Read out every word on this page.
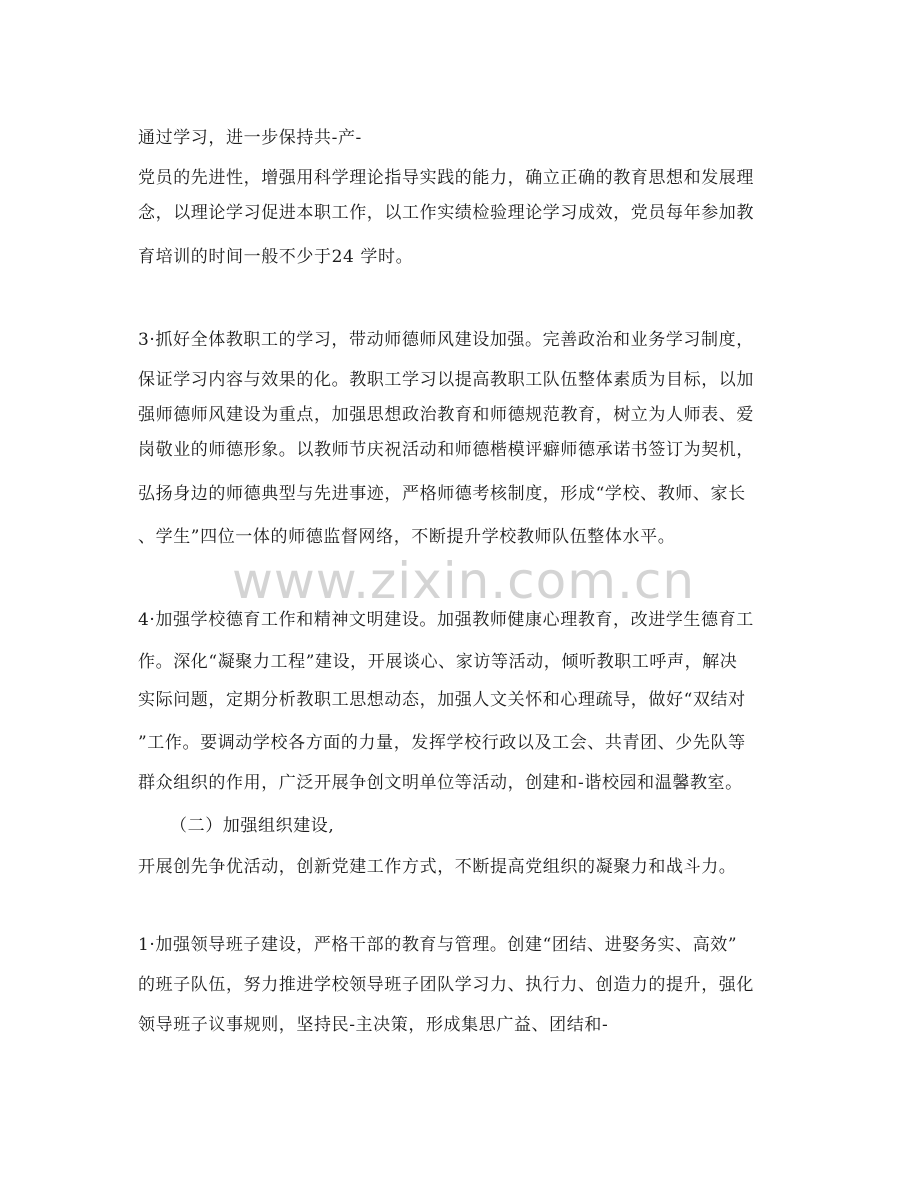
通过学习，进一步保持共-产-

党员的先进性，增强用科学理论指导实践的能力，确立正确的教育思想和发展理

念，以理论学习促进本职工作，以工作实绩检验理论学习成效，党员每年参加教

育培训的时间一般不少于24 学时。

3·抓好全体教职工的学习，带动师德师风建设加强。完善政治和业务学习制度，

保证学习内容与效果的化。教职工学习以提高教职工队伍整体素质为目标，以加

强师德师风建设为重点，加强思想政治教育和师德规范教育，树立为人师表、爱

岗敬业的师德形象。以教师节庆祝活动和师德楷模评癖师德承诺书签订为契机，

弘扬身边的师德典型与先进事迹，严格师德考核制度，形成“学校、教师、家长

、学生”四位一体的师德监督网络，不断提升学校教师队伍整体水平。

www.zixin.com.cn

4·加强学校德育工作和精神文明建设。加强教师健康心理教育，改进学生德育工

作。深化“凝聚力工程”建设，开展谈心、家访等活动，倾听教职工呼声，解决

实际问题，定期分析教职工思想动态，加强人文关怀和心理疏导，做好“双结对

”工作。要调动学校各方面的力量，发挥学校行政以及工会、共青团、少先队等

群众组织的作用，广泛开展争创文明单位等活动，创建和-谐校园和温馨教室。

（二）加强组织建设,

开展创先争优活动，创新党建工作方式，不断提高党组织的凝聚力和战斗力。

1·加强领导班子建设，严格干部的教育与管理。创建“团结、进娶务实、高效”

的班子队伍，努力推进学校领导班子团队学习力、执行力、创造力的提升，强化

领导班子议事规则，坚持民-主决策，形成集思广益、团结和-
